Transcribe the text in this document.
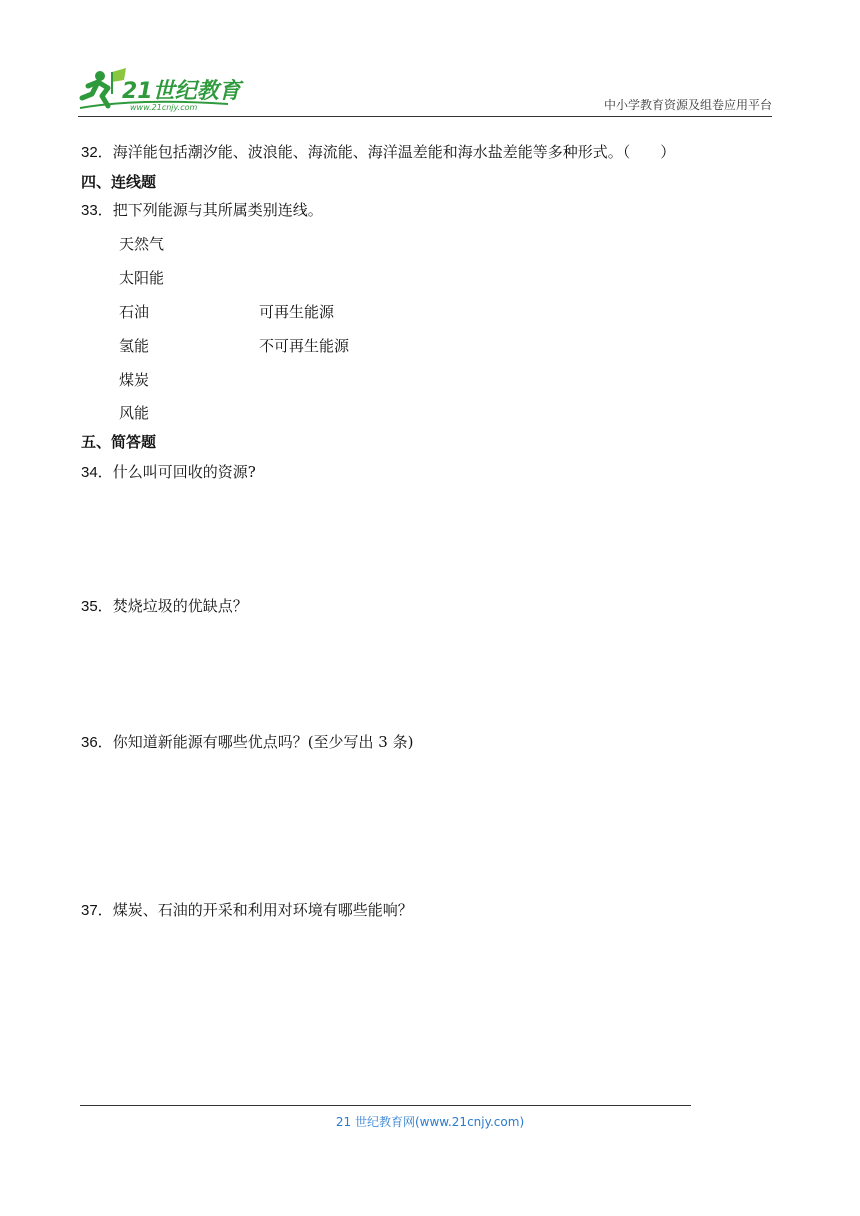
21世纪教育
www.21cnjy.com	中小学教育资源及组卷应用平台
32．海洋能包括潮汐能、波浪能、海流能、海洋温差能和海水盐差能等多种形式。（　　）
四、连线题
33．把下列能源与其所属类别连线。
天然气
太阳能
石油
氢能
煤炭
风能
可再生能源
不可再生能源
五、简答题
34．什么叫可回收的资源?
35．焚烧垃圾的优缺点？
36．你知道新能源有哪些优点吗？(至少写出 3 条)
37．煤炭、石油的开采和利用对环境有哪些能响？
21 世纪教育网(www.21cnjy.com)
